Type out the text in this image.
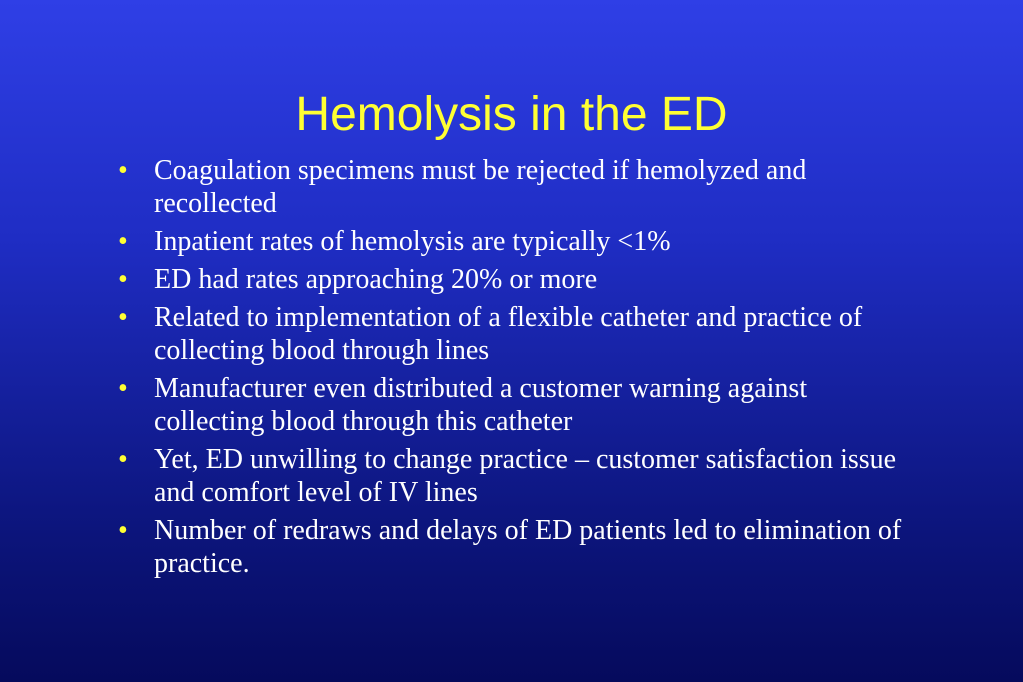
Hemolysis in the ED
• Coagulation specimens must be rejected if hemolyzed and recollected
• Inpatient rates of hemolysis are typically <1%
• ED had rates approaching 20% or more
• Related to implementation of a flexible catheter and practice of collecting blood through lines
• Manufacturer even distributed a customer warning against collecting blood through this catheter
• Yet, ED unwilling to change practice – customer satisfaction issue and comfort level of IV lines
• Number of redraws and delays of ED patients led to elimination of practice.
